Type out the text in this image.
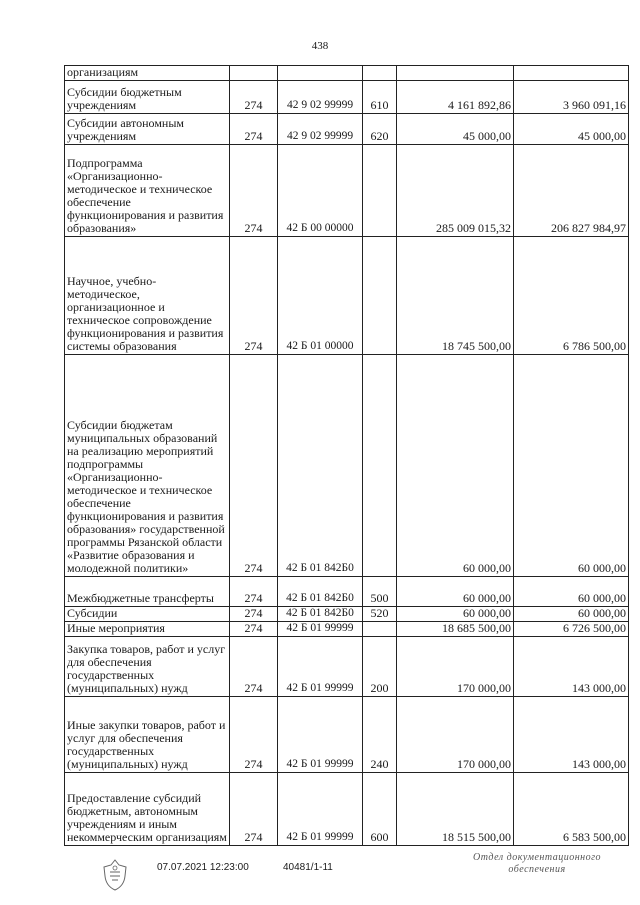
438
организациям					
Субсидии бюджетным учреждениям	274	42 9 02 99999	610	4 161 892,86	3 960 091,16
Субсидии автономным учреждениям	274	42 9 02 99999	620	45 000,00	45 000,00
Подпрограмма «Организационно-методическое и техническое обеспечение функционирования и развития образования»	274	42 Б 00 00000		285 009 015,32	206 827 984,97
Научное, учебно-методическое, организационное и техническое сопровождение функционирования и развития системы образования	274	42 Б 01 00000		18 745 500,00	6 786 500,00
Субсидии бюджетам муниципальных образований на реализацию мероприятий подпрограммы «Организационно-методическое и техническое обеспечение функционирования и развития образования» государственной программы Рязанской области «Развитие образования и молодежной политики»	274	42 Б 01 842Б0		60 000,00	60 000,00
Межбюджетные трансферты	274	42 Б 01 842Б0	500	60 000,00	60 000,00
Субсидии	274	42 Б 01 842Б0	520	60 000,00	60 000,00
Иные мероприятия	274	42 Б 01 99999		18 685 500,00	6 726 500,00
Закупка товаров, работ и услуг для обеспечения государственных (муниципальных) нужд	274	42 Б 01 99999	200	170 000,00	143 000,00
Иные закупки товаров, работ и услуг для обеспечения государственных (муниципальных) нужд	274	42 Б 01 99999	240	170 000,00	143 000,00
Предоставление субсидий бюджетным, автономным учреждениям и иным некоммерческим организациям	274	42 Б 01 99999	600	18 515 500,00	6 583 500,00
07.07.2021 12:23:00	40481/1-11
Отдел документационного обеспечения
